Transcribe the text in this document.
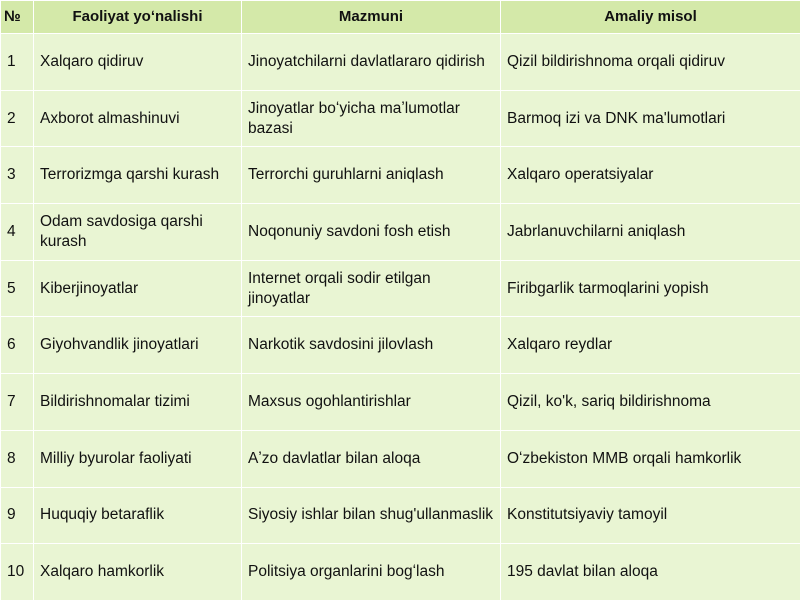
№	Faoliyat yoʻnalishi	Mazmuni	Amaliy misol
1	Xalqaro qidiruv	Jinoyatchilarni davlatlararo qidirish	Qizil bildirishnoma orqali qidiruv
2	Axborot almashinuvi	Jinoyatlar boʻyicha maʼlumotlar bazasi	Barmoq izi va DNK ma'lumotlari
3	Terrorizmga qarshi kurash	Terrorchi guruhlarni aniqlash	Xalqaro operatsiyalar
4	Odam savdosiga qarshi kurash	Noqonuniy savdoni fosh etish	Jabrlanuvchilarni aniqlash
5	Kiberjinoyatlar	Internet orqali sodir etilgan jinoyatlar	Firibgarlik tarmoqlarini yopish
6	Giyohvandlik jinoyatlari	Narkotik savdosini jilovlash	Xalqaro reydlar
7	Bildirishnomalar tizimi	Maxsus ogohlantirishlar	Qizil, ko'k, sariq bildirishnoma
8	Milliy byurolar faoliyati	Aʼzo davlatlar bilan aloqa	Oʻzbekiston MMB orqali hamkorlik
9	Huquqiy betaraflik	Siyosiy ishlar bilan shug'ullanmaslik	Konstitutsiyaviy tamoyil
10	Xalqaro hamkorlik	Politsiya organlarini bogʻlash	195 davlat bilan aloqa
